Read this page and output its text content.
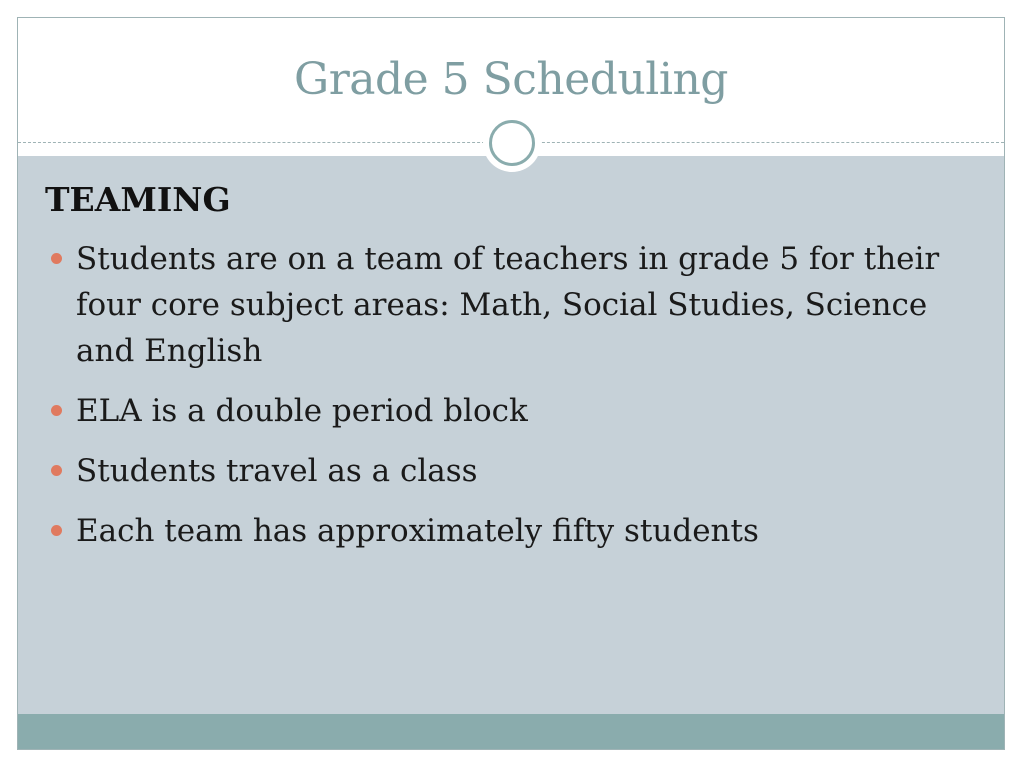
Grade 5 Scheduling
TEAMING
Students are on a team of teachers in grade 5 for their four core subject areas: Math, Social Studies, Science and English
ELA is a double period block
Students travel as a class
Each team has approximately fifty students
